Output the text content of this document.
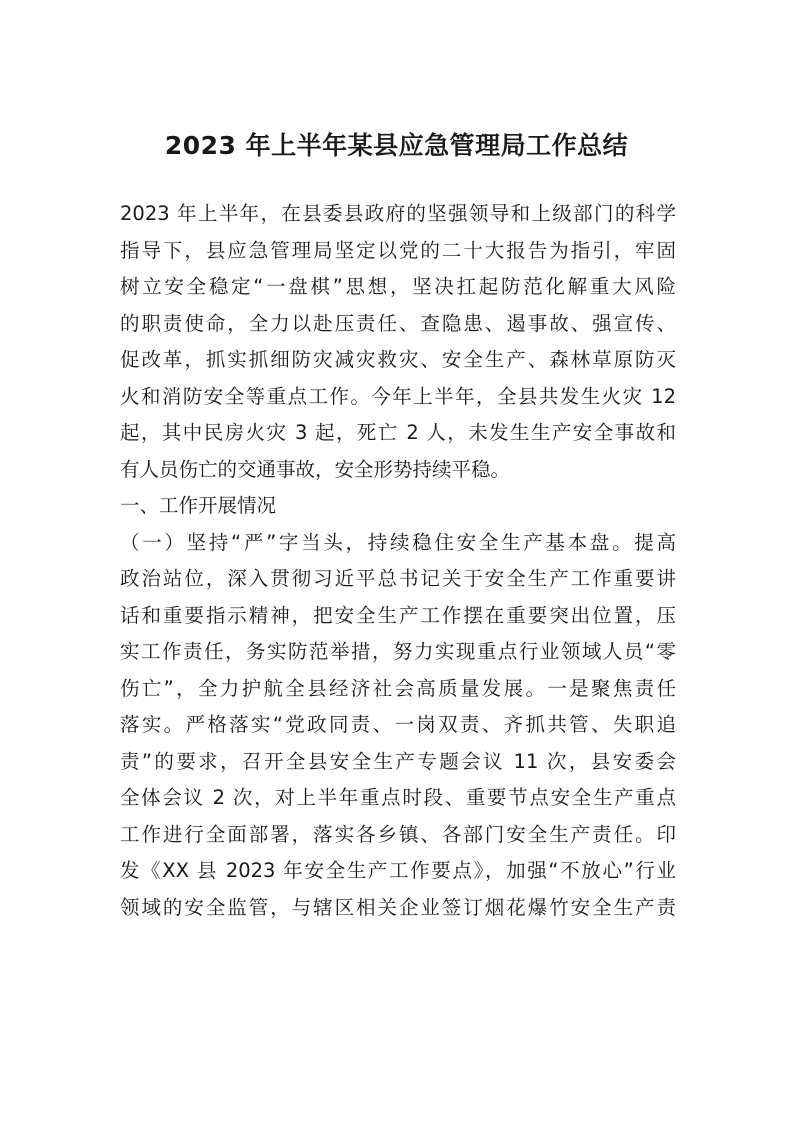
2023 年上半年某县应急管理局工作总结
2023 年上半年，在县委县政府的坚强领导和上级部门的科学
指导下，县应急管理局坚定以党的二十大报告为指引，牢固
树立安全稳定“一盘棋”思想，坚决扛起防范化解重大风险
的职责使命，全力以赴压责任、查隐患、遏事故、强宣传、
促改革，抓实抓细防灾减灾救灾、安全生产、森林草原防灭
火和消防安全等重点工作。今年上半年，全县共发生火灾 12
起，其中民房火灾 3 起，死亡 2 人，未发生生产安全事故和
有人员伤亡的交通事故，安全形势持续平稳。
一、工作开展情况
（一）坚持“严”字当头，持续稳住安全生产基本盘。提高
政治站位，深入贯彻习近平总书记关于安全生产工作重要讲
话和重要指示精神，把安全生产工作摆在重要突出位置，压
实工作责任，务实防范举措，努力实现重点行业领域人员“零
伤亡”，全力护航全县经济社会高质量发展。一是聚焦责任
落实。严格落实“党政同责、一岗双责、齐抓共管、失职追
责”的要求，召开全县安全生产专题会议 11 次，县安委会
全体会议 2 次，对上半年重点时段、重要节点安全生产重点
工作进行全面部署，落实各乡镇、各部门安全生产责任。印
发《XX 县 2023 年安全生产工作要点》，加强“不放心”行业
领域的安全监管，与辖区相关企业签订烟花爆竹安全生产责
